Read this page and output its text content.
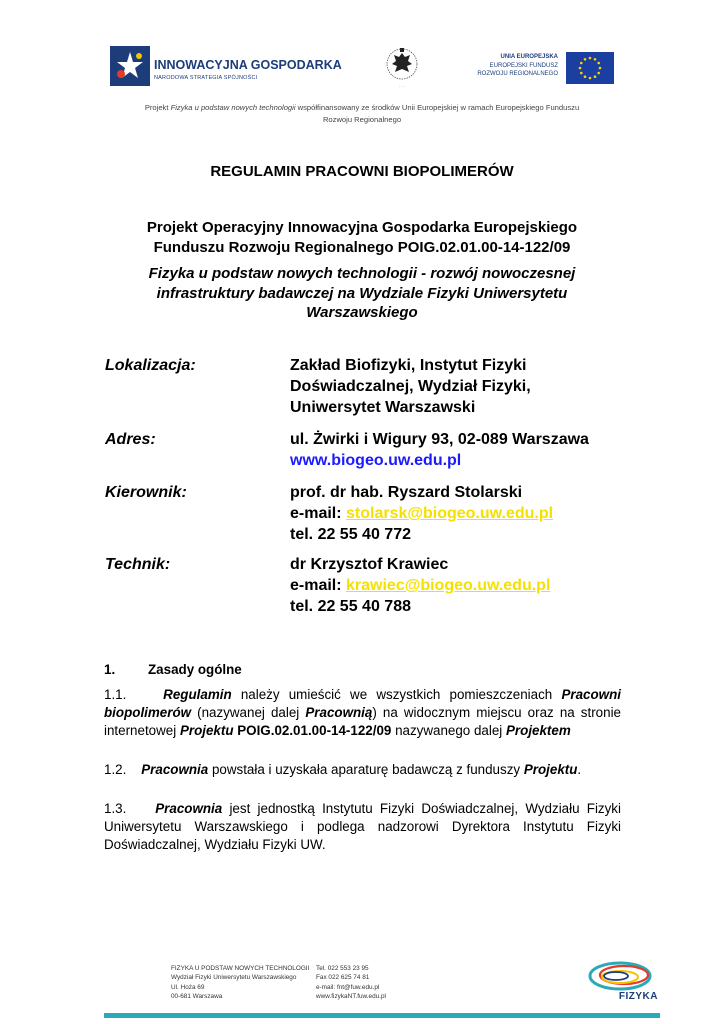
INNOWACYJNA GOSPODARKA
NARODOWA STRATEGIA SPÓJNOŚCI
· · ·
UNIA EUROPEJSKA
EUROPEJSKI FUNDUSZ
ROZWOJU REGIONALNEGO
Projekt Fizyka u podstaw nowych technologii współfinansowany ze środków Unii Europejskiej w ramach Europejskiego Funduszu
Rozwoju Regionalnego
REGULAMIN PRACOWNI BIOPOLIMERÓW
Projekt Operacyjny Innowacyjna Gospodarka Europejskiego
Funduszu Rozwoju Regionalnego POIG.02.01.00-14-122/09
Fizyka u podstaw nowych technologii - rozwój nowoczesnej
infrastruktury badawczej na Wydziale Fizyki Uniwersytetu
Warszawskiego
Lokalizacja:	Zakład Biofizyki, Instytut Fizyki
Doświadczalnej, Wydział Fizyki,
Uniwersytet Warszawski
Adres:	ul. Żwirki i Wigury 93, 02-089 Warszawa
www.biogeo.uw.edu.pl
Kierownik:	prof. dr hab. Ryszard Stolarski
e-mail: stolarsk@biogeo.uw.edu.pl
tel. 22 55 40 772
Technik:	dr Krzysztof Krawiec
e-mail: krawiec@biogeo.uw.edu.pl
tel. 22 55 40 788
1. Zasady ogólne
1.1.	Regulamin należy umieścić we wszystkich pomieszczeniach Pracowni biopolimerów (nazywanej dalej Pracownią) na widocznym miejscu oraz na stronie internetowej Projektu POIG.02.01.00-14-122/09 nazywanego dalej Projektem
1.2. Pracownia powstała i uzyskała aparaturę badawczą z funduszy Projektu.
1.3. Pracownia jest jednostką Instytutu Fizyki Doświadczalnej, Wydziału Fizyki Uniwersytetu Warszawskiego i podlega nadzorowi Dyrektora Instytutu Fizyki Doświadczalnej, Wydziału Fizyki UW.
FIZYKA U PODSTAW NOWYCH TECHNOLOGII
Wydział Fizyki Uniwersytetu Warszawskiego
Ul. Hoża 69
00-681 Warszawa
Tel. 022 553 23 95
Fax 022 625 74 81
e-mail: fnt@fuw.edu.pl
www.fizykaNT.fuw.edu.pl	FIZYKA
